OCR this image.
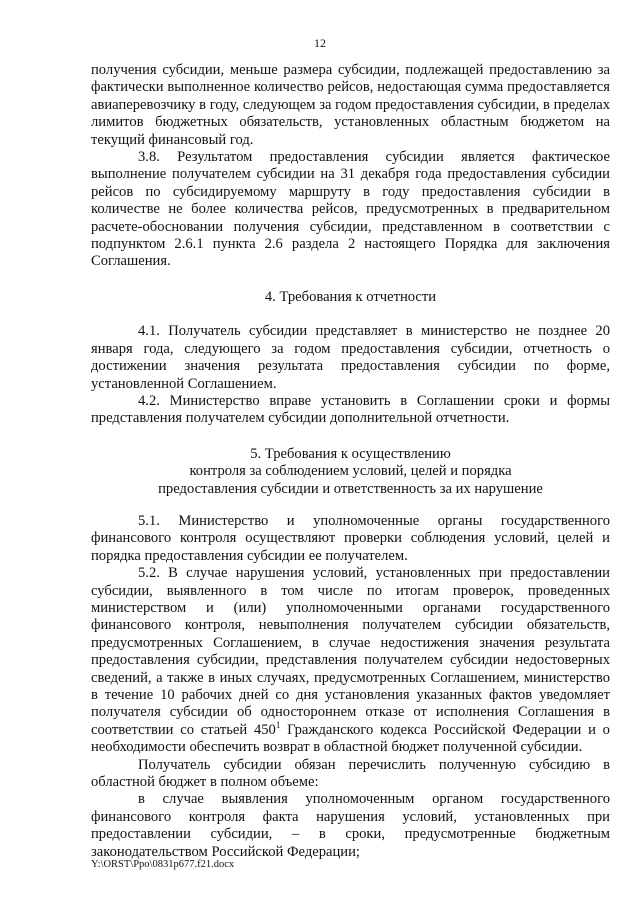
12

получения субсидии, меньше размера субсидии, подлежащей предоставлению за фактически выполненное количество рейсов, недостающая сумма предоставляется авиаперевозчику в году, следующем за годом предоставления субсидии, в пределах лимитов бюджетных обязательств, установленных областным бюджетом на текущий финансовый год.

3.8. Результатом предоставления субсидии является фактическое выполнение получателем субсидии на 31 декабря года предоставления субсидии рейсов по субсидируемому маршруту в году предоставления субсидии в количестве не более количества рейсов, предусмотренных в предварительном расчете-обосновании получения субсидии, представленном в соответствии с подпунктом 2.6.1 пункта 2.6 раздела 2 настоящего Порядка для заключения Соглашения.

4. Требования к отчетности

4.1. Получатель субсидии представляет в министерство не позднее 20 января года, следующего за годом предоставления субсидии, отчетность о достижении значения результата предоставления субсидии по форме, установленной Соглашением.

4.2. Министерство вправе установить в Соглашении сроки и формы представления получателем субсидии дополнительной отчетности.

5. Требования к осуществлению
контроля за соблюдением условий, целей и порядка
предоставления субсидии и ответственность за их нарушение

5.1. Министерство и уполномоченные органы государственного финансового контроля осуществляют проверки соблюдения условий, целей и порядка предоставления субсидии ее получателем.

5.2. В случае нарушения условий, установленных при предоставлении субсидии, выявленного в том числе по итогам проверок, проведенных министерством и (или) уполномоченными органами государственного финансового контроля, невыполнения получателем субсидии обязательств, предусмотренных Соглашением, в случае недостижения значения результата предоставления субсидии, представления получателем субсидии недостоверных сведений, а также в иных случаях, предусмотренных Соглашением, министерство в течение 10 рабочих дней со дня установления указанных фактов уведомляет получателя субсидии об одностороннем отказе от исполнения Соглашения в соответствии со статьей $450^1$ Гражданского кодекса Российской Федерации и о необходимости обеспечить возврат в областной бюджет полученной субсидии.

Получатель субсидии обязан перечислить полученную субсидию в областной бюджет в полном объеме:

в случае выявления уполномоченным органом государственного финансового контроля факта нарушения условий, установленных при предоставлении субсидии, – в сроки, предусмотренные бюджетным законодательством Российской Федерации;

Y:\ORST\Ppo\0831p677.f21.docx
